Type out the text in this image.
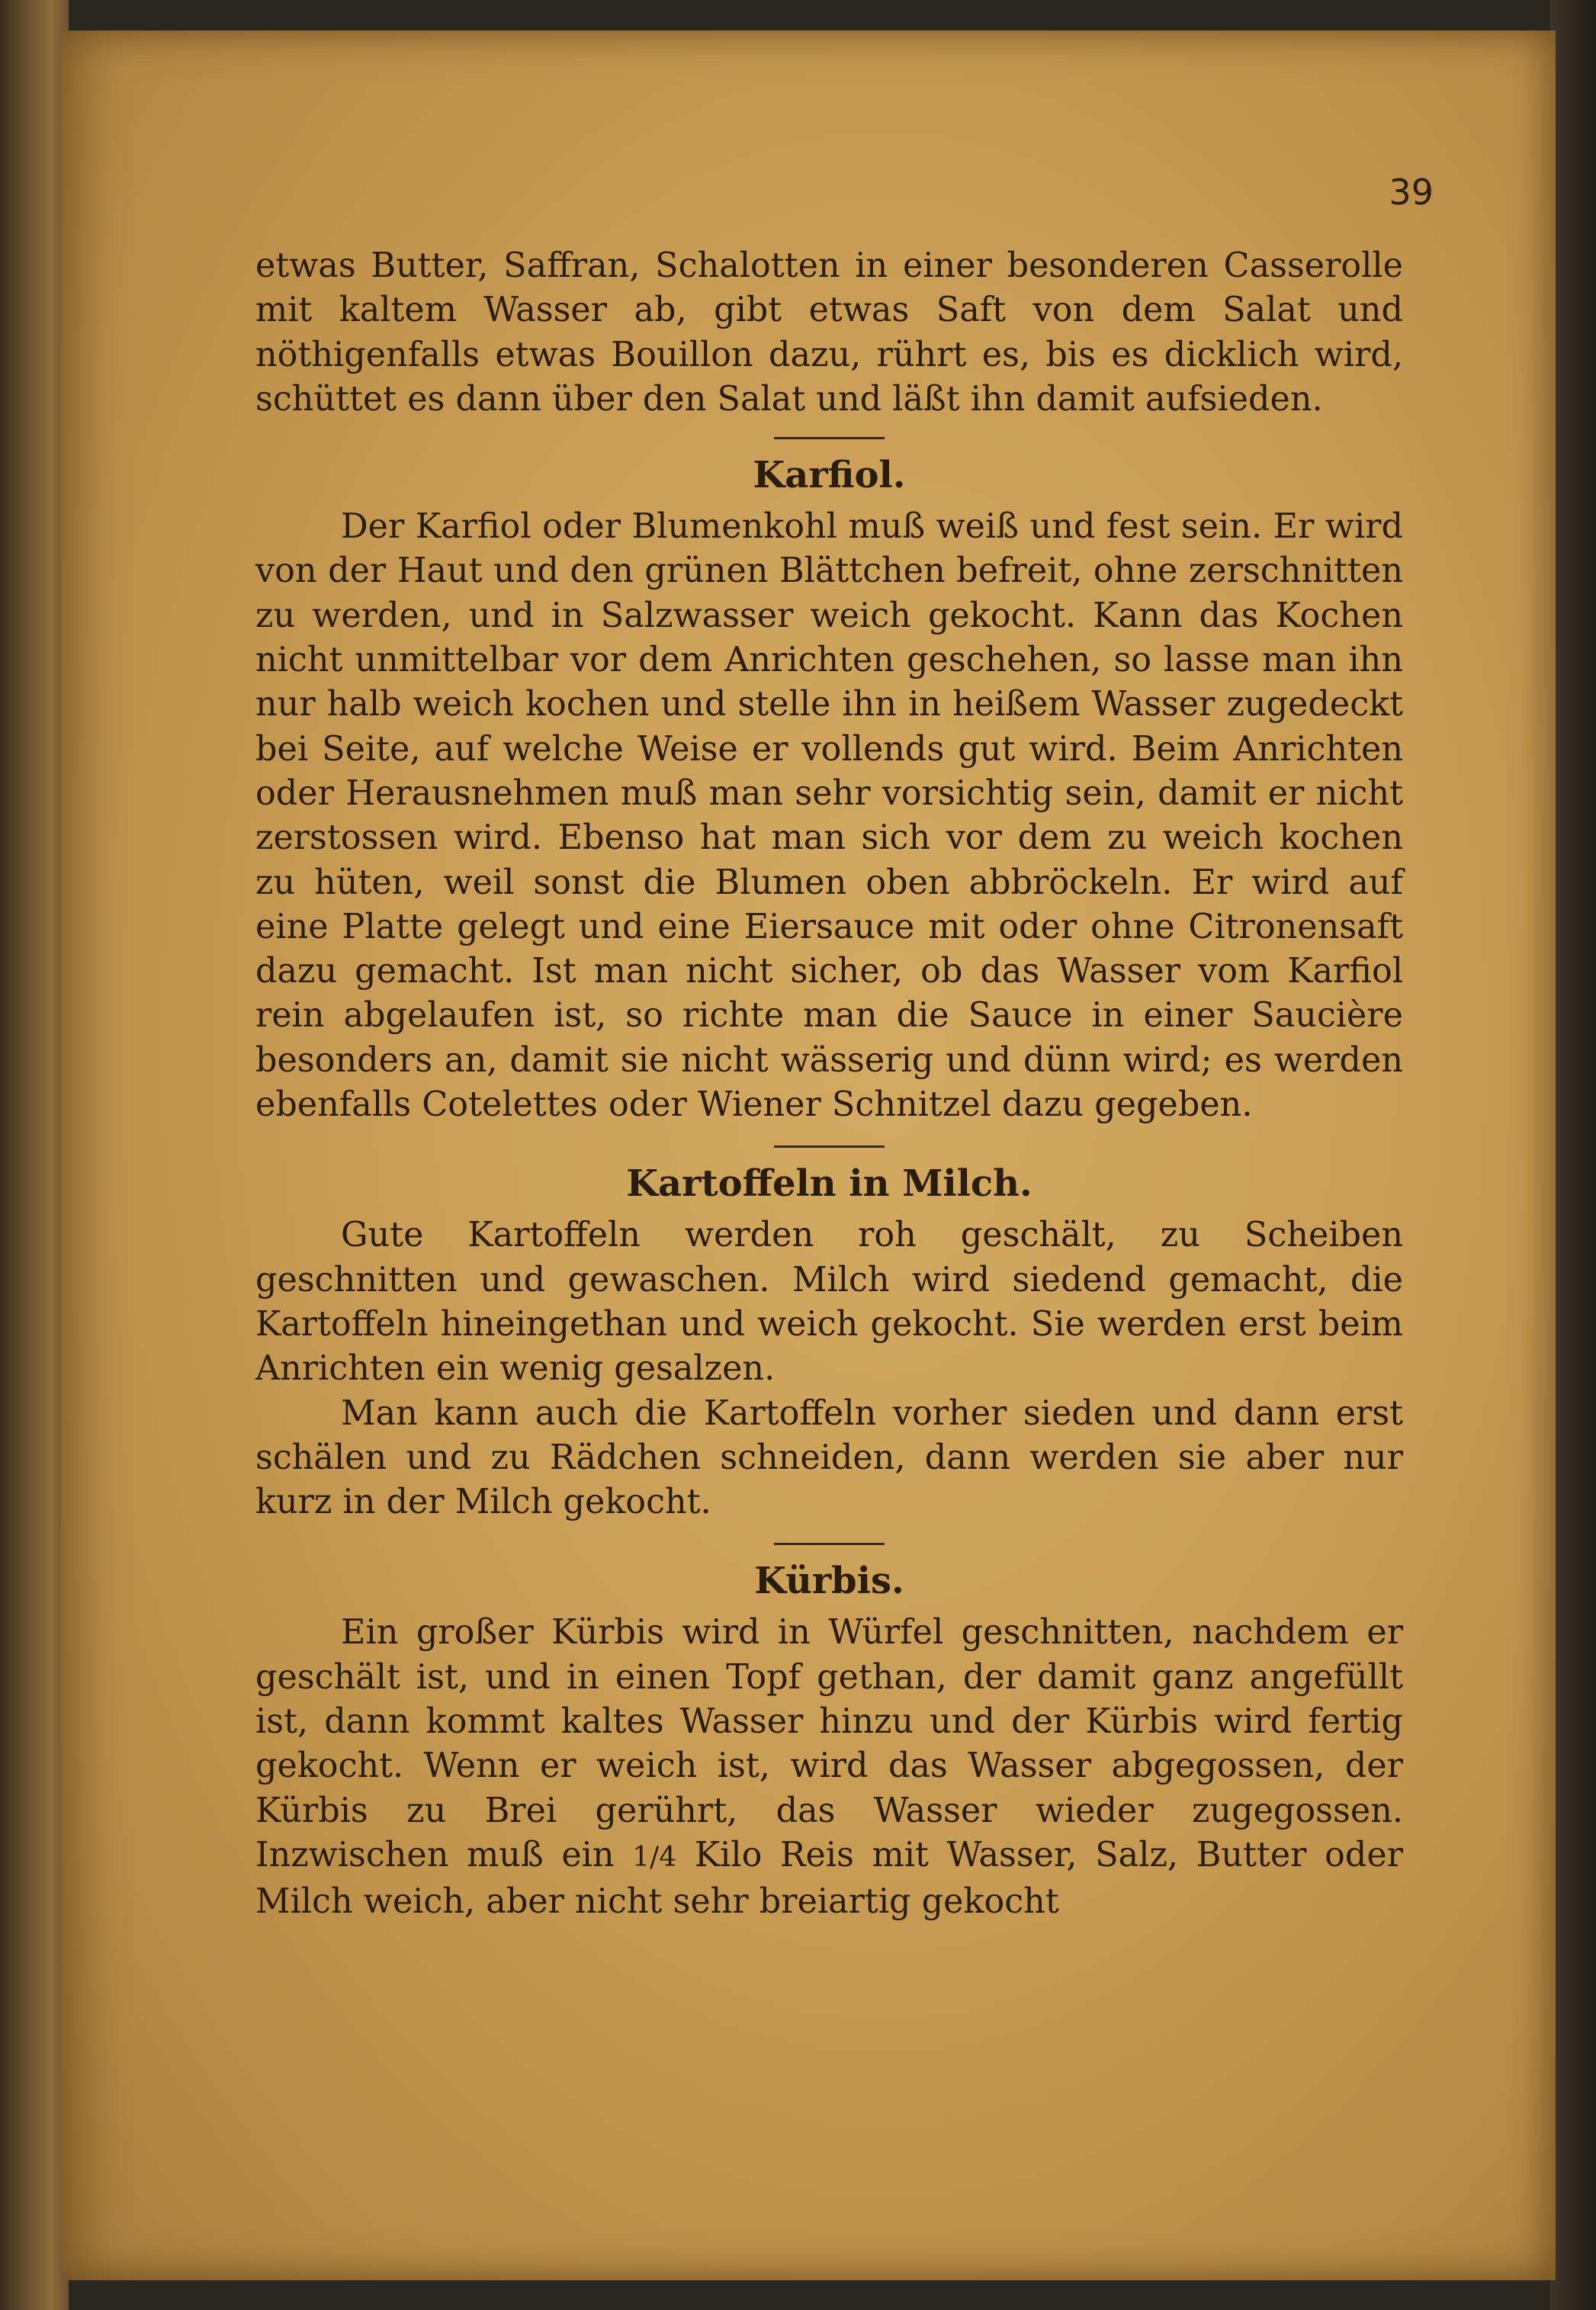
39

etwas Butter, Saffran, Schalotten in einer besonderen Casserolle mit kaltem Wasser ab, gibt etwas Saft von dem Salat und nöthigenfalls etwas Bouillon dazu, rührt es, bis es dicklich wird, schüttet es dann über den Salat und läßt ihn damit aufsieden.

Karfiol.

Der Karfiol oder Blumenkohl muß weiß und fest sein. Er wird von der Haut und den grünen Blättchen befreit, ohne zerschnitten zu werden, und in Salzwasser weich gekocht. Kann das Kochen nicht unmittelbar vor dem Anrichten geschehen, so lasse man ihn nur halb weich kochen und stelle ihn in heißem Wasser zugedeckt bei Seite, auf welche Weise er vollends gut wird. Beim Anrichten oder Herausnehmen muß man sehr vorsichtig sein, damit er nicht zerstossen wird. Ebenso hat man sich vor dem zu weich kochen zu hüten, weil sonst die Blumen oben abbröckeln. Er wird auf eine Platte gelegt und eine Eiersauce mit oder ohne Citronensaft dazu gemacht. Ist man nicht sicher, ob das Wasser vom Karfiol rein abgelaufen ist, so richte man die Sauce in einer Saucière besonders an, damit sie nicht wässerig und dünn wird; es werden ebenfalls Cotelettes oder Wiener Schnitzel dazu gegeben.

Kartoffeln in Milch.

Gute Kartoffeln werden roh geschält, zu Scheiben geschnitten und gewaschen. Milch wird siedend gemacht, die Kartoffeln hineingethan und weich gekocht. Sie werden erst beim Anrichten ein wenig gesalzen.

Man kann auch die Kartoffeln vorher sieden und dann erst schälen und zu Rädchen schneiden, dann werden sie aber nur kurz in der Milch gekocht.

Kürbis.

Ein großer Kürbis wird in Würfel geschnitten, nachdem er geschält ist, und in einen Topf gethan, der damit ganz angefüllt ist, dann kommt kaltes Wasser hinzu und der Kürbis wird fertig gekocht. Wenn er weich ist, wird das Wasser abgegossen, der Kürbis zu Brei gerührt, das Wasser wieder zugegossen. Inzwischen muß ein 1/4 Kilo Reis mit Wasser, Salz, Butter oder Milch weich, aber nicht sehr breiartig gekocht
